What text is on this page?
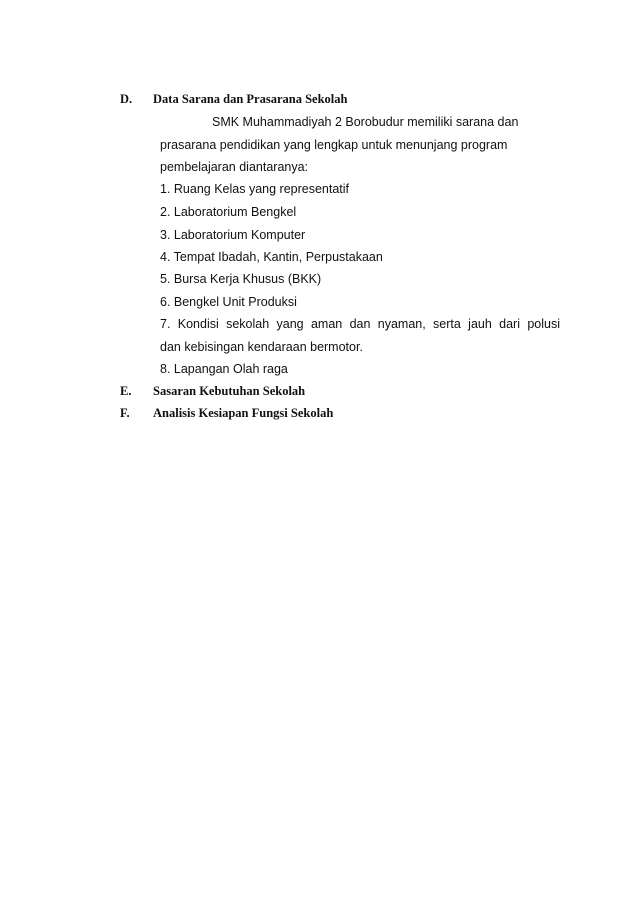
D. Data Sarana dan Prasarana Sekolah
SMK Muhammadiyah 2 Borobudur memiliki sarana dan
prasarana pendidikan yang lengkap untuk menunjang program
pembelajaran diantaranya:
1. Ruang Kelas yang representatif
2. Laboratorium Bengkel
3. Laboratorium Komputer
4. Tempat Ibadah, Kantin, Perpustakaan
5. Bursa Kerja Khusus (BKK)
6. Bengkel Unit Produksi
7. Kondisi sekolah yang aman dan nyaman, serta jauh dari polusi
dan kebisingan kendaraan bermotor.
8. Lapangan Olah raga
E. Sasaran Kebutuhan Sekolah
F. Analisis Kesiapan Fungsi Sekolah
